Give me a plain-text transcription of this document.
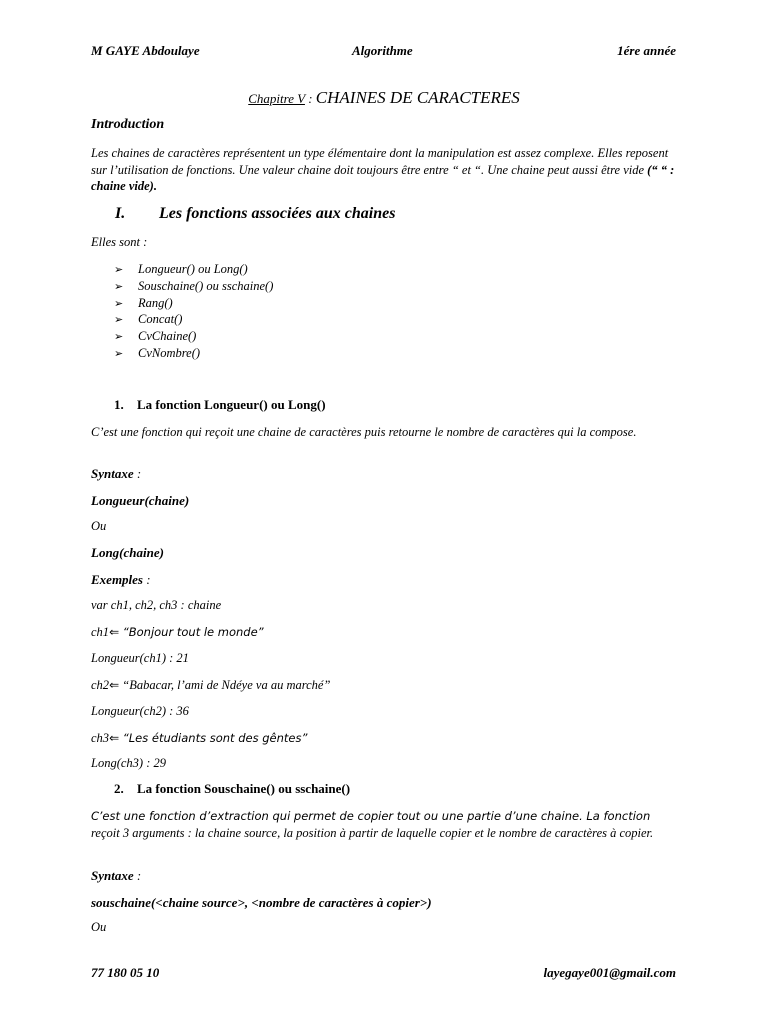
M GAYE Abdoulaye	Algorithme	1ére année
Chapitre V : CHAINES DE CARACTERES
Introduction
Les chaines de caractères représentent un type élémentaire dont la manipulation est assez complexe. Elles reposent sur l’utilisation de fonctions. Une valeur chaine doit toujours être entre “ et “. Une chaine peut aussi être vide (“ “ : chaine vide).
I. Les fonctions associées aux chaines
Elles sont :
➢ Longueur() ou Long()
➢ Souschaine() ou sschaine()
➢ Rang()
➢ Concat()
➢ CvChaine()
➢ CvNombre()
1. La fonction Longueur() ou Long()
C’est une fonction qui reçoit une chaine de caractères puis retourne le nombre de caractères qui la compose.
Syntaxe :
Longueur(chaine)
Ou
Long(chaine)
Exemples :
var ch1, ch2, ch3 : chaine
ch1⇐ “Bonjour tout le monde”
Longueur(ch1) : 21
ch2⇐ “Babacar, l’ami de Ndéye va au marché”
Longueur(ch2) : 36
ch3⇐ “Les étudiants sont des gêntes”
Long(ch3) : 29
2. La fonction Souschaine() ou sschaine()
C’est une fonction d’extraction qui permet de copier tout ou une partie d’une chaine. La fonction reçoit 3 arguments : la chaine source, la position à partir de laquelle copier et le nombre de caractères à copier.
Syntaxe :
souschaine(<chaine source>, <nombre de caractères à copier>)
Ou
77 180 05 10	layegaye001@gmail.com
